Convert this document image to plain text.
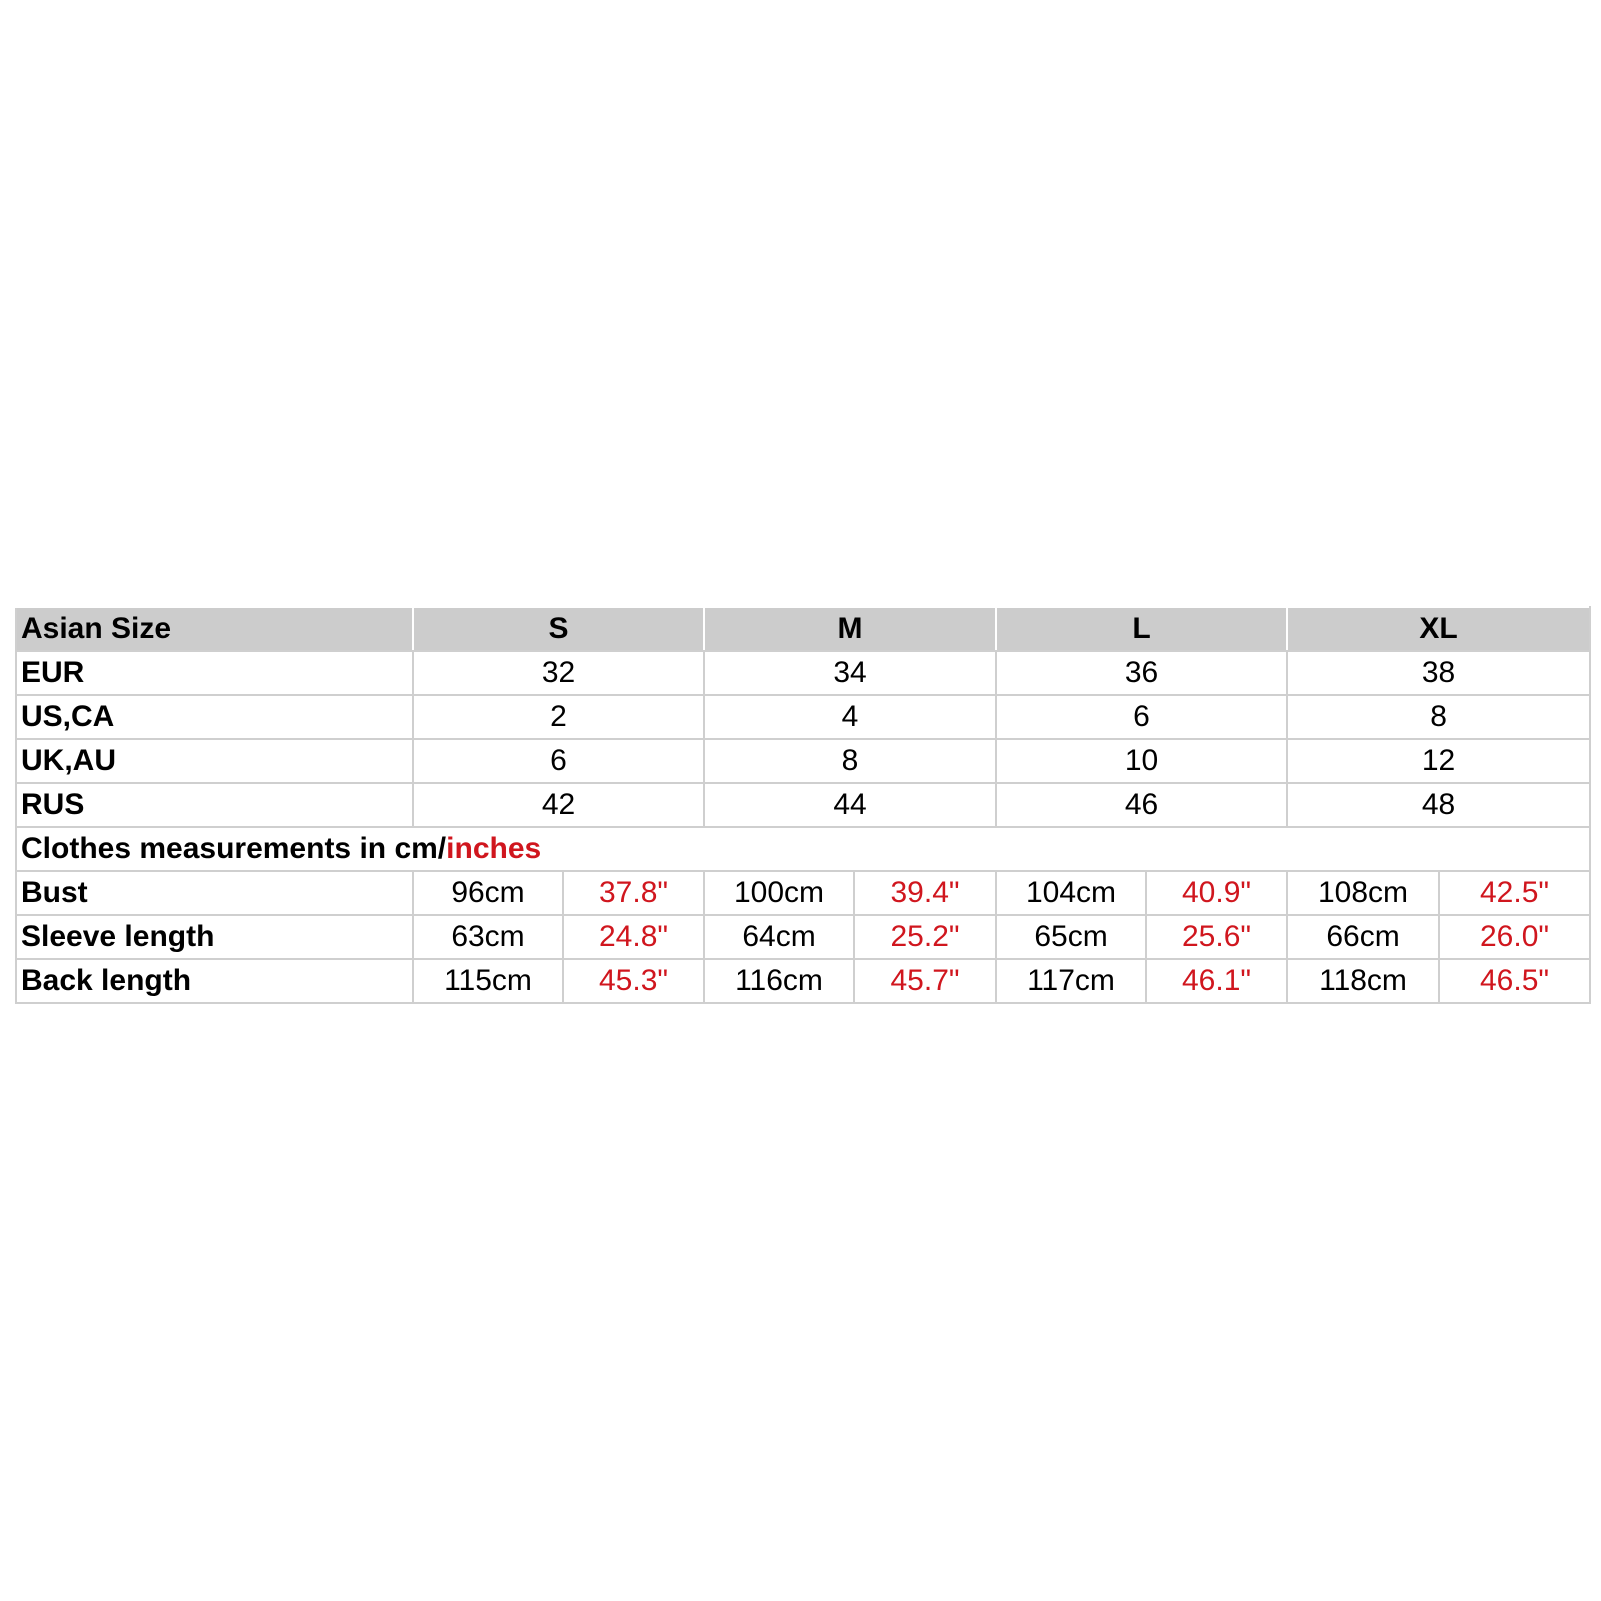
Asian Size	S		M		L		XL	
EUR	32		34		36		38	
US,CA	2		4		6		8	
UK,AU	6		8		10		12	
RUS	42		44		46		48	
Clothes measurements in cm/inches								
Bust	96cm	37.8"	100cm	39.4"	104cm	40.9"	108cm	42.5"
Sleeve length	63cm	24.8"	64cm	25.2"	65cm	25.6"	66cm	26.0"
Back length	115cm	45.3"	116cm	45.7"	117cm	46.1"	118cm	46.5"
